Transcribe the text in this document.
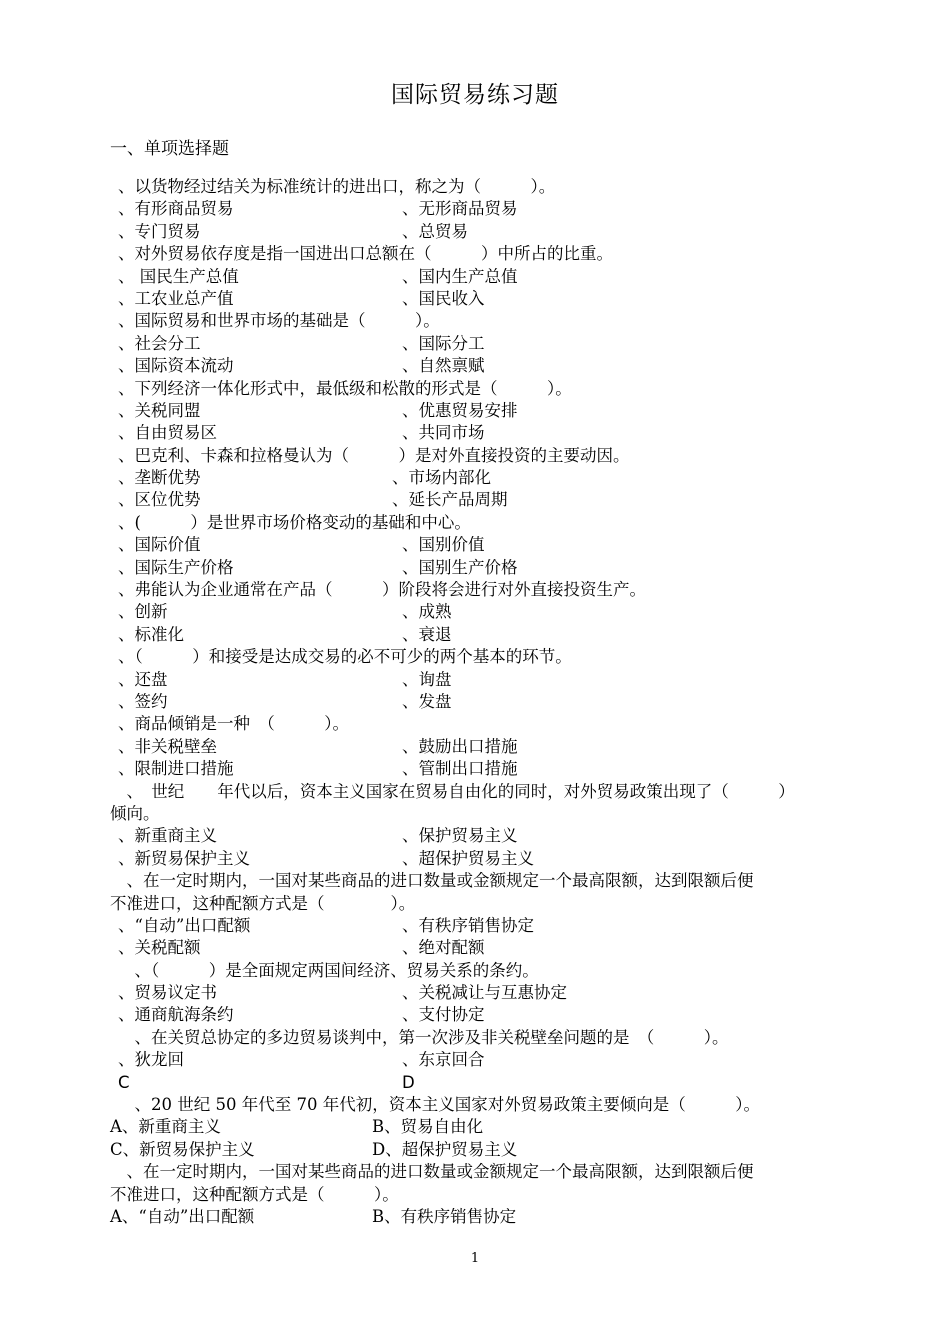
国际贸易练习题
一、单项选择题
、以货物经过结关为标准统计的进出口，称之为（　　　）。
、有形商品贸易	、无形商品贸易
、专门贸易	、总贸易
、对外贸易依存度是指一国进出口总额在（　　　）中所占的比重。
、 国民生产总值	、国内生产总值
、工农业总产值	、国民收入
、国际贸易和世界市场的基础是（　　　）。
、社会分工	、国际分工
、国际资本流动	、自然禀赋
、下列经济一体化形式中，最低级和松散的形式是（　　　）。
、关税同盟	、优惠贸易安排
、自由贸易区	、共同市场
、巴克利、卡森和拉格曼认为（　　　）是对外直接投资的主要动因。
、垄断优势	、市场内部化
、区位优势	、延长产品周期
、(　　　）是世界市场价格变动的基础和中心。
、国际价值	、国别价值
、国际生产价格	、国别生产价格
、弗能认为企业通常在产品（　　　）阶段将会进行对外直接投资生产。
、创新	、成熟
、标准化	、衰退
、（　　　）和接受是达成交易的必不可少的两个基本的环节。
、还盘	、询盘
、签约	、发盘
、商品倾销是一种　（　　　）。
、非关税壁垒	、鼓励出口措施
、限制进口措施	、管制出口措施
　、　世纪　　年代以后，资本主义国家在贸易自由化的同时，对外贸易政策出现了（　　　）
倾向。
、新重商主义	、保护贸易主义
、新贸易保护主义	、超保护贸易主义
　、在一定时期内，一国对某些商品的进口数量或金额规定一个最高限额，达到限额后便
不准进口，这种配额方式是（　　　　）。
、“自动”出口配额	、有秩序销售协定
、关税配额	、绝对配额
　、（　　　）是全面规定两国间经济、贸易关系的条约。
、贸易议定书	、关税减让与互惠协定
、通商航海条约	、支付协定
　、在关贸总协定的多边贸易谈判中，第一次涉及非关税壁垒问题的是　（　　　）。
、狄龙回	、东京回合
C	D
　、20 世纪 50 年代至 70 年代初，资本主义国家对外贸易政策主要倾向是（　　　）。
A、新重商主义	B、贸易自由化
C、新贸易保护主义	D、超保护贸易主义
　、在一定时期内，一国对某些商品的进口数量或金额规定一个最高限额，达到限额后便
不准进口，这种配额方式是（　　　）。
A、“自动”出口配额	B、有秩序销售协定
1
